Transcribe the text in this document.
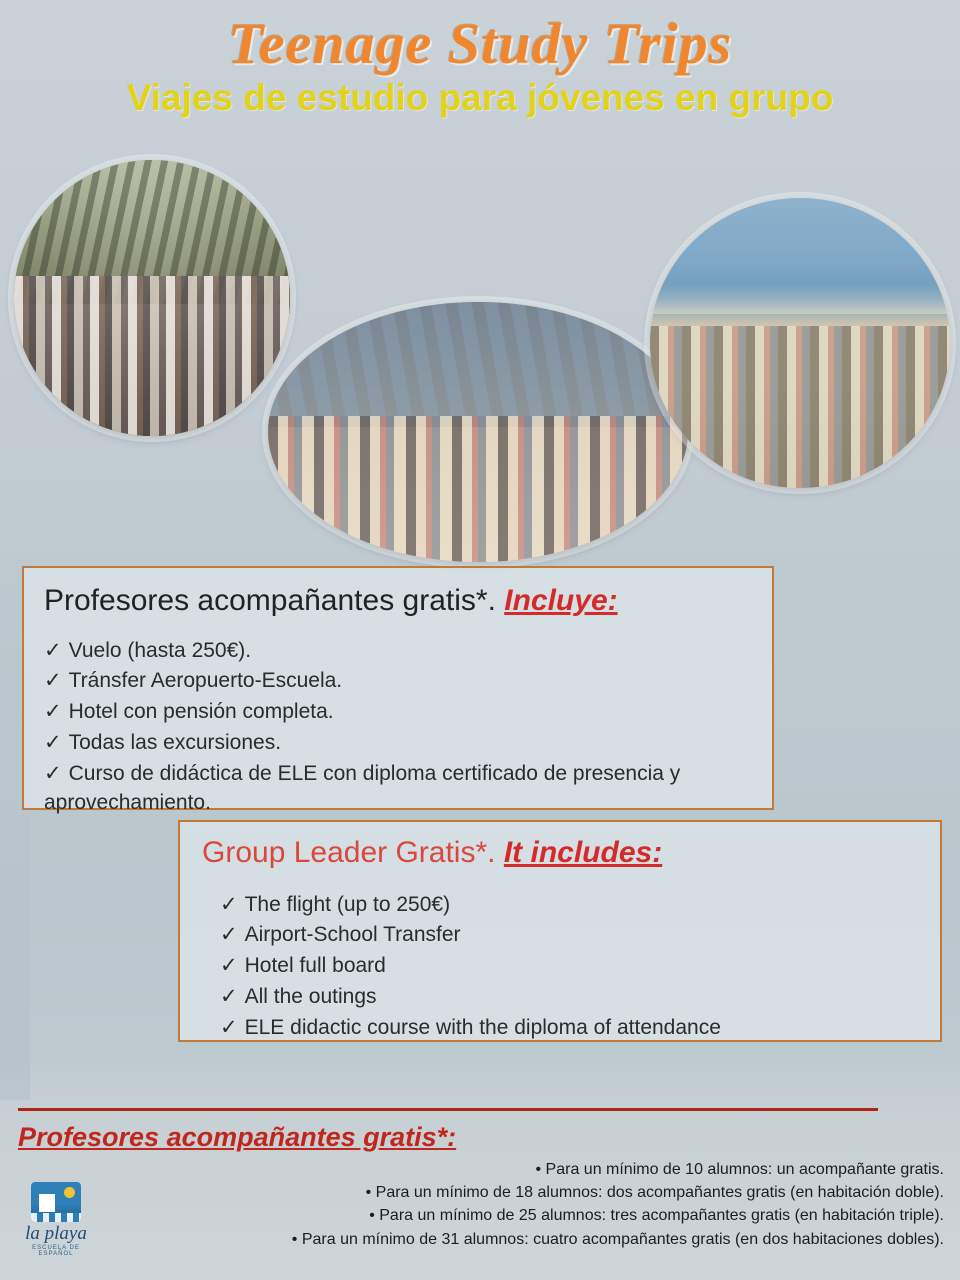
Teenage Study Trips
Viajes de estudio para jóvenes en grupo

Profesores acompañantes gratis*. Incluye:

✓ Vuelo (hasta 250€).
✓ Tránsfer Aeropuerto-Escuela.
✓ Hotel con pensión completa.
✓ Todas las excursiones.
✓ Curso de didáctica de ELE con diploma certificado de presencia y aprovechamiento.

Group Leader Gratis*. It includes:

✓ The flight (up to 250€)
✓ Airport-School Transfer
✓ Hotel full board
✓ All the outings
✓ ELE didactic course with the diploma of attendance
Profesores acompañantes gratis*:
• Para un mínimo de 10 alumnos: un acompañante gratis.
• Para un mínimo de 18 alumnos: dos acompañantes gratis (en habitación doble).
• Para un mínimo de 25 alumnos: tres acompañantes gratis (en habitación triple).
• Para un mínimo de 31 alumnos: cuatro acompañantes gratis (en dos habitaciones dobles).
la playa
ESCUELA DE ESPAÑOL
